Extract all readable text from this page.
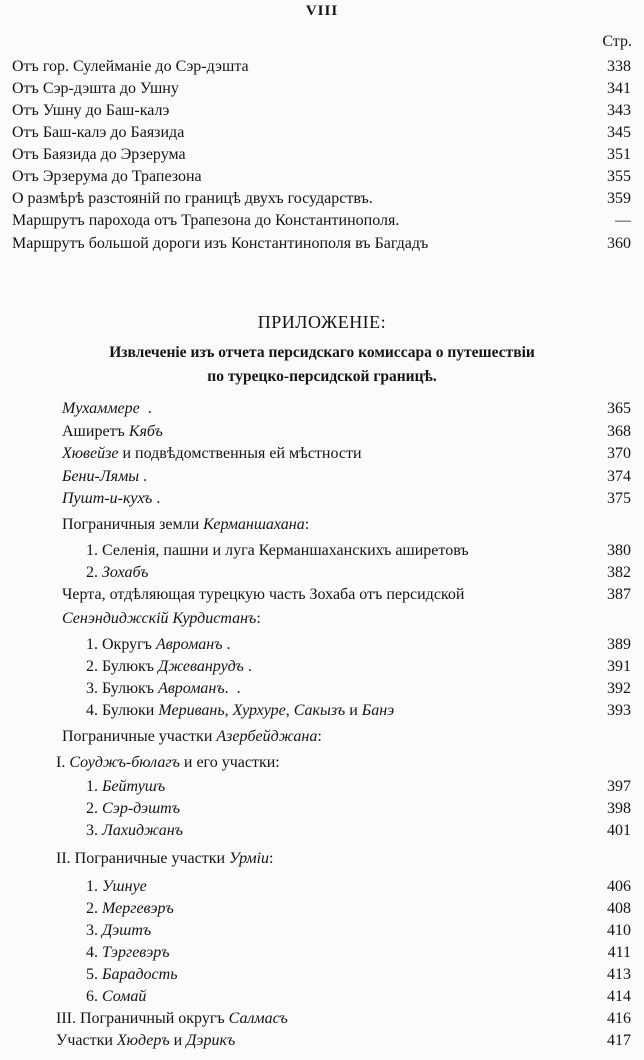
VIII
Стр.
Отъ гор. Сулейманіе до Сэр-дэшта	338
Отъ Сэр-дэшта до Ушну	341
Отъ Ушну до Баш-калэ	343
Отъ Баш-калэ до Баязида	345
Отъ Баязида до Эрзерума	351
Отъ Эрзерума до Трапезона	355
О размѣрѣ разстояній по границѣ двухъ государствъ.	359
Маршрутъ парохода отъ Трапезона до Константинополя.	—
Маршрутъ большой дороги изъ Константинополя въ Багдадъ	360
ПРИЛОЖЕНІЕ:
Извлеченіе изъ отчета персидскаго комиссара о путешествіи
по турецко-персидской границѣ.
Мухаммере  .	365
Аширетъ Кябъ	368
Хювейзе и подвѣдомственныя ей мѣстности	370
Бени-Лямы .	374
Пушт-и-кухъ .	375
Пограничныя земли Керманшахана:
1. Селенія, пашни и луга Керманшаханскихъ аширетовъ	380
2. Зохабъ	382
Черта, отдѣляющая турецкую часть Зохаба отъ персидской	387
Сенэндиджскій Курдистанъ:
1. Округъ Авроманъ .	389
2. Булюкъ Джеванрудъ .	391
3. Булюкъ Авроманъ.  .	392
4. Булюки Меривань, Хурхуре, Сакызъ и Банэ	393
Пограничные участки Азербейджана:
I. Соуджъ-бюлагъ и его участки:
1. Бейтушъ	397
2. Сэр-дэштъ	398
3. Лахиджанъ	401
II. Пограничные участки Урміи:
1. Ушнуе	406
2. Мергевэръ	408
3. Дэштъ	410
4. Тэргевэръ	411
5. Барадость	413
6. Сомай	414
III. Пограничный округъ Салмасъ	416
Участки Хюдеръ и Дэрикъ	417
